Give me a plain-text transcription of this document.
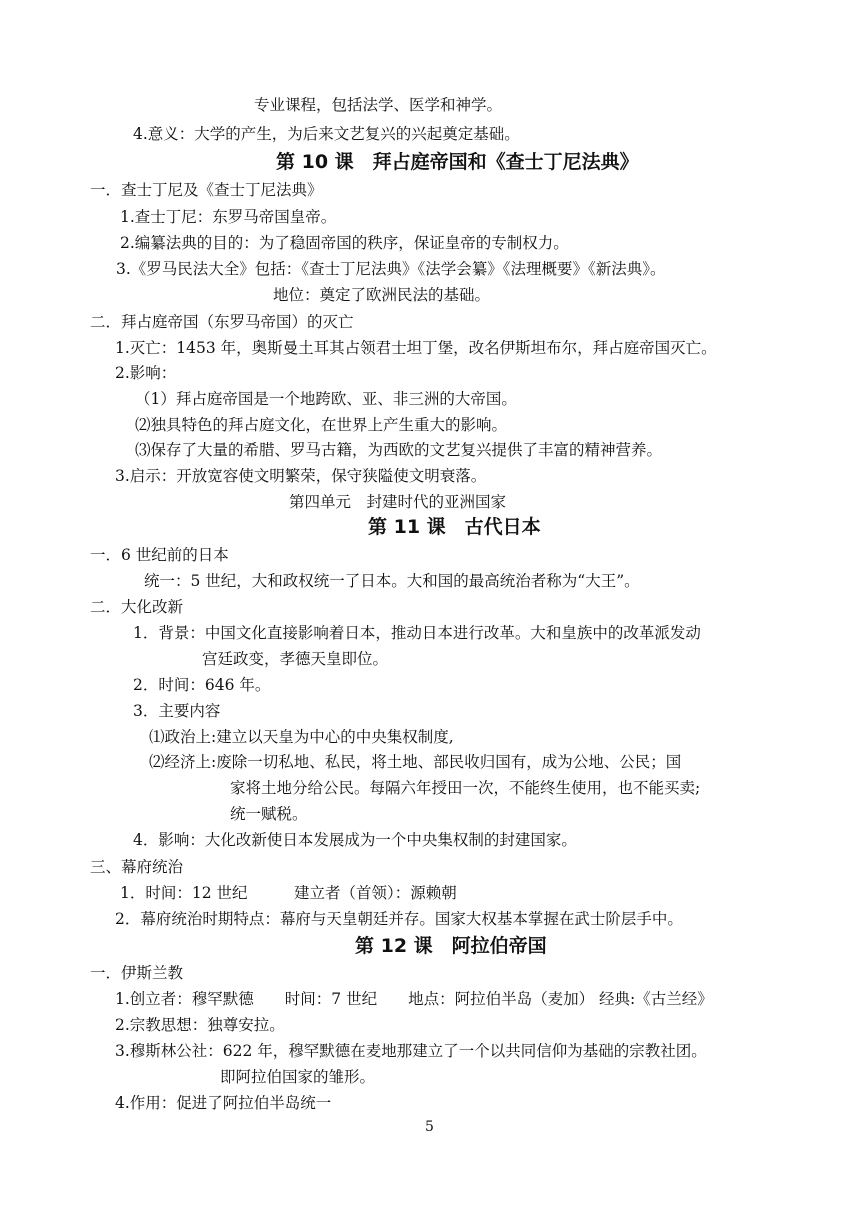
专业课程，包括法学、医学和神学。
4.意义：大学的产生，为后来文艺复兴的兴起奠定基础。
第 10 课　拜占庭帝国和《查士丁尼法典》
一．查士丁尼及《查士丁尼法典》
1.查士丁尼：东罗马帝国皇帝。
2.编纂法典的目的：为了稳固帝国的秩序，保证皇帝的专制权力。
3.《罗马民法大全》包括：《查士丁尼法典》《法学会纂》《法理概要》《新法典》。
地位：奠定了欧洲民法的基础。
二．拜占庭帝国（东罗马帝国）的灭亡
1.灭亡：1453 年，奥斯曼土耳其占领君士坦丁堡，改名伊斯坦布尔，拜占庭帝国灭亡。
2.影响：
（1）拜占庭帝国是一个地跨欧、亚、非三洲的大帝国。
⑵独具特色的拜占庭文化，在世界上产生重大的影响。
⑶保存了大量的希腊、罗马古籍，为西欧的文艺复兴提供了丰富的精神营养。
3.启示：开放宽容使文明繁荣，保守狭隘使文明衰落。
第四单元　封建时代的亚洲国家
第 11 课　古代日本
一．6 世纪前的日本
统一：5 世纪，大和政权统一了日本。大和国的最高统治者称为“大王”。
二．大化改新
1．背景：中国文化直接影响着日本，推动日本进行改革。大和皇族中的改革派发动
宫廷政变，孝德天皇即位。
2．时间：646 年。
3．主要内容
⑴政治上:建立以天皇为中心的中央集权制度,
⑵经济上:废除一切私地、私民，将土地、部民收归国有，成为公地、公民；国
家将土地分给公民。每隔六年授田一次，不能终生使用，也不能买卖;
统一赋税。
4．影响：大化改新使日本发展成为一个中央集权制的封建国家。
三、幕府统治
1．时间：12 世纪　　　建立者（首领）：源赖朝
2．幕府统治时期特点：幕府与天皇朝廷并存。国家大权基本掌握在武士阶层手中。
第 12 课　阿拉伯帝国
一．伊斯兰教
1.创立者：穆罕默德　　时间：7 世纪　　地点：阿拉伯半岛（麦加） 经典:《古兰经》
2.宗教思想：独尊安拉。
3.穆斯林公社：622 年，穆罕默德在麦地那建立了一个以共同信仰为基础的宗教社团。
即阿拉伯国家的雏形。
4.作用：促进了阿拉伯半岛统一
5
